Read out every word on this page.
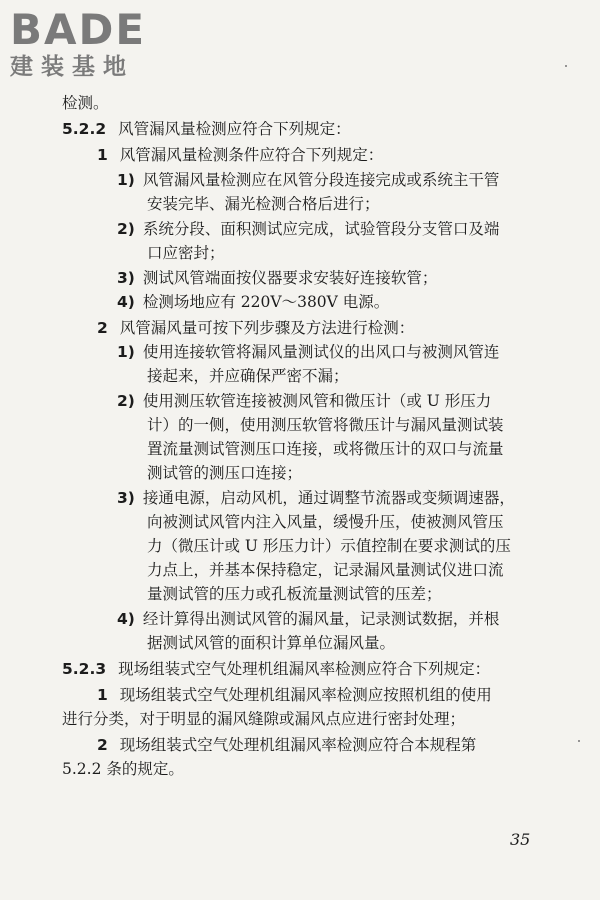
BADE
建装基地
检测。
5.2.2 风管漏风量检测应符合下列规定：
1 风管漏风量检测条件应符合下列规定：
1) 风管漏风量检测应在风管分段连接完成或系统主干管
安装完毕、漏光检测合格后进行；
2) 系统分段、面积测试应完成，试验管段分支管口及端
口应密封；
3) 测试风管端面按仪器要求安装好连接软管；
4) 检测场地应有 220V～380V 电源。
2 风管漏风量可按下列步骤及方法进行检测：
1) 使用连接软管将漏风量测试仪的出风口与被测风管连
接起来，并应确保严密不漏；
2) 使用测压软管连接被测风管和微压计（或 U 形压力
计）的一侧，使用测压软管将微压计与漏风量测试装
置流量测试管测压口连接，或将微压计的双口与流量
测试管的测压口连接；
3) 接通电源，启动风机，通过调整节流器或变频调速器，
向被测试风管内注入风量，缓慢升压，使被测风管压
力（微压计或 U 形压力计）示值控制在要求测试的压
力点上，并基本保持稳定，记录漏风量测试仪进口流
量测试管的压力或孔板流量测试管的压差；
4) 经计算得出测试风管的漏风量，记录测试数据，并根
据测试风管的面积计算单位漏风量。
5.2.3 现场组装式空气处理机组漏风率检测应符合下列规定：
1 现场组装式空气处理机组漏风率检测应按照机组的使用
进行分类，对于明显的漏风缝隙或漏风点应进行密封处理；
2 现场组装式空气处理机组漏风率检测应符合本规程第
5.2.2 条的规定。
35
